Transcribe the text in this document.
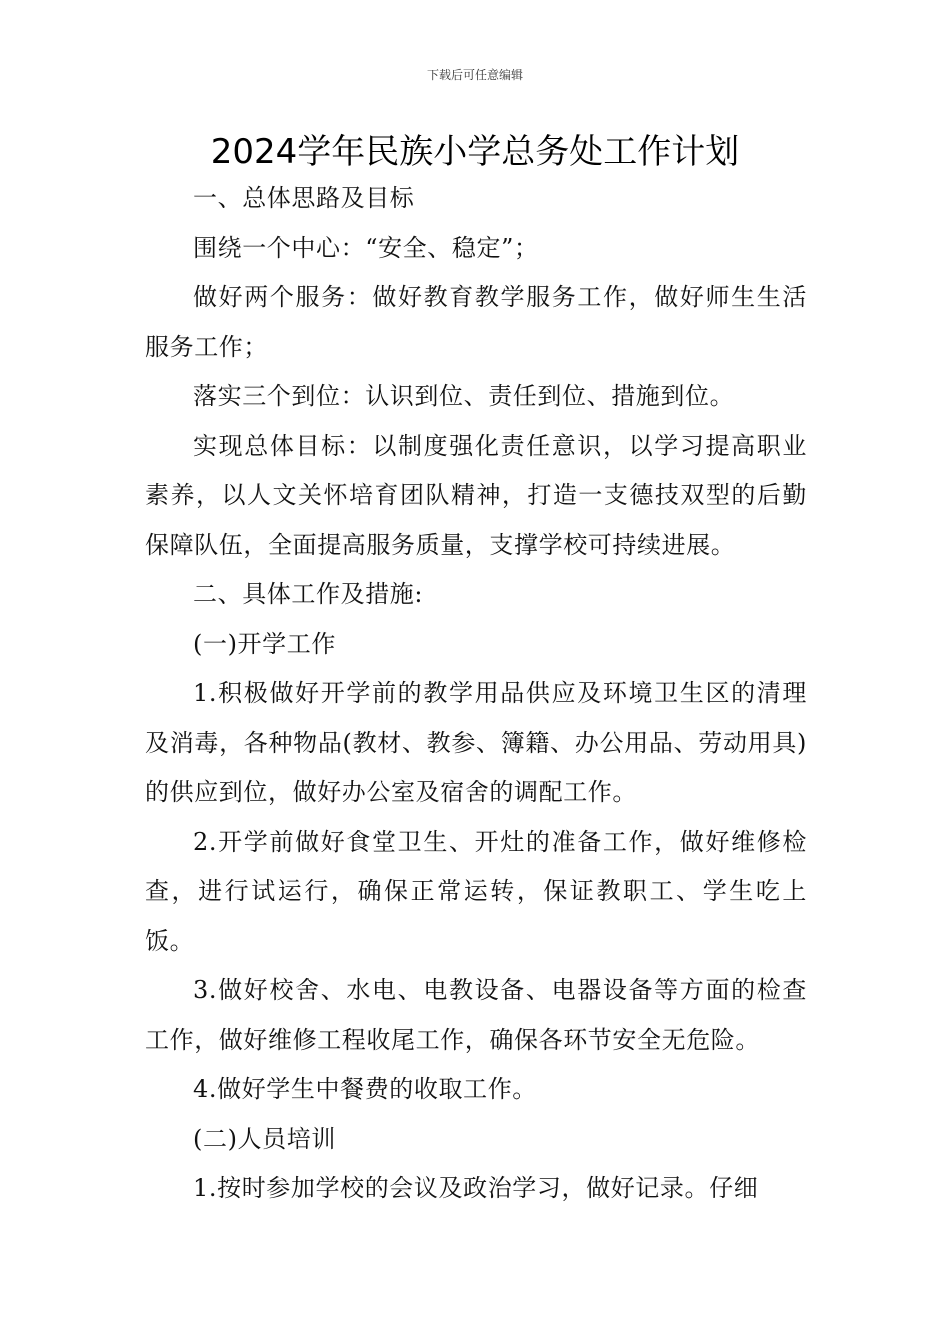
下载后可任意编辑
2024学年民族小学总务处工作计划

一、总体思路及目标

围绕一个中心：“安全、稳定”；

做好两个服务：做好教育教学服务工作，做好师生生活服务工作；

落实三个到位：认识到位、责任到位、措施到位。

实现总体目标：以制度强化责任意识，以学习提高职业素养，以人文关怀培育团队精神，打造一支德技双型的后勤保障队伍，全面提高服务质量，支撑学校可持续进展。

二、具体工作及措施:

(一)开学工作

1.积极做好开学前的教学用品供应及环境卫生区的清理及消毒，各种物品(教材、教参、簿籍、办公用品、劳动用具)的供应到位，做好办公室及宿舍的调配工作。

2.开学前做好食堂卫生、开灶的准备工作，做好维修检查，进行试运行，确保正常运转，保证教职工、学生吃上饭。

3.做好校舍、水电、电教设备、电器设备等方面的检查工作，做好维修工程收尾工作，确保各环节安全无危险。

4.做好学生中餐费的收取工作。

(二)人员培训

1.按时参加学校的会议及政治学习，做好记录。仔细
